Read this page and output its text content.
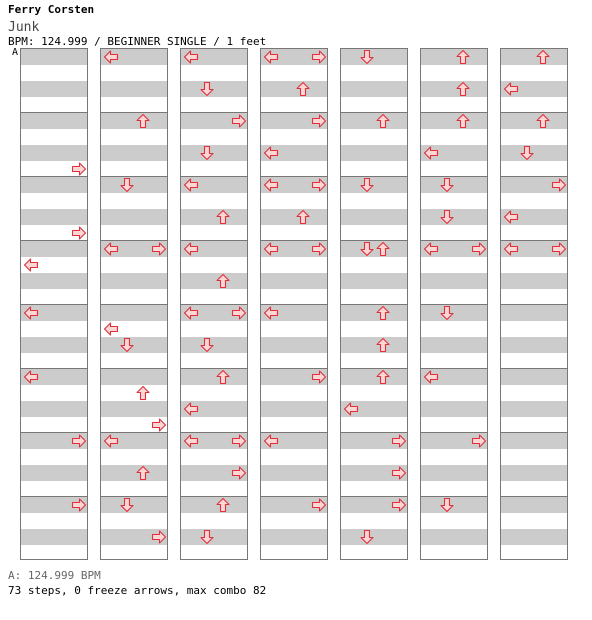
Ferry Corsten
Junk
BPM: 124.999 / BEGINNER SINGLE / 1 feet
A
A: 124.999 BPM
73 steps, 0 freeze arrows, max combo 82
